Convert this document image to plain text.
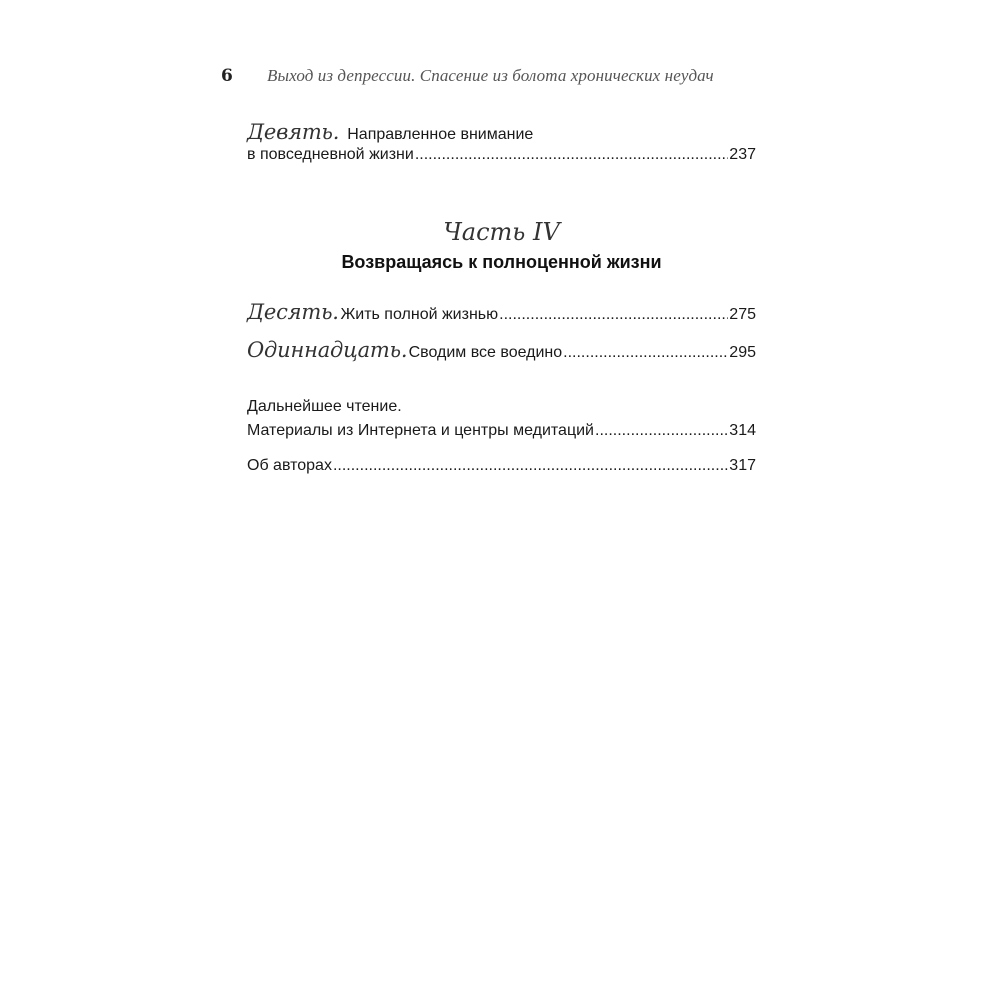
6	Выход из депрессии. Спасение из болота хронических неудач
Девять. Направленное внимание
в повседневной жизни .....	237
Часть IV
Возвращаясь к полноценной жизни
Десять. Жить полной жизнью .....	275
Одиннадцать. Сводим все воедино .....	295
Дальнейшее чтение.
Материалы из Интернета и центры медитаций .....	314
Об авторах .....	317
